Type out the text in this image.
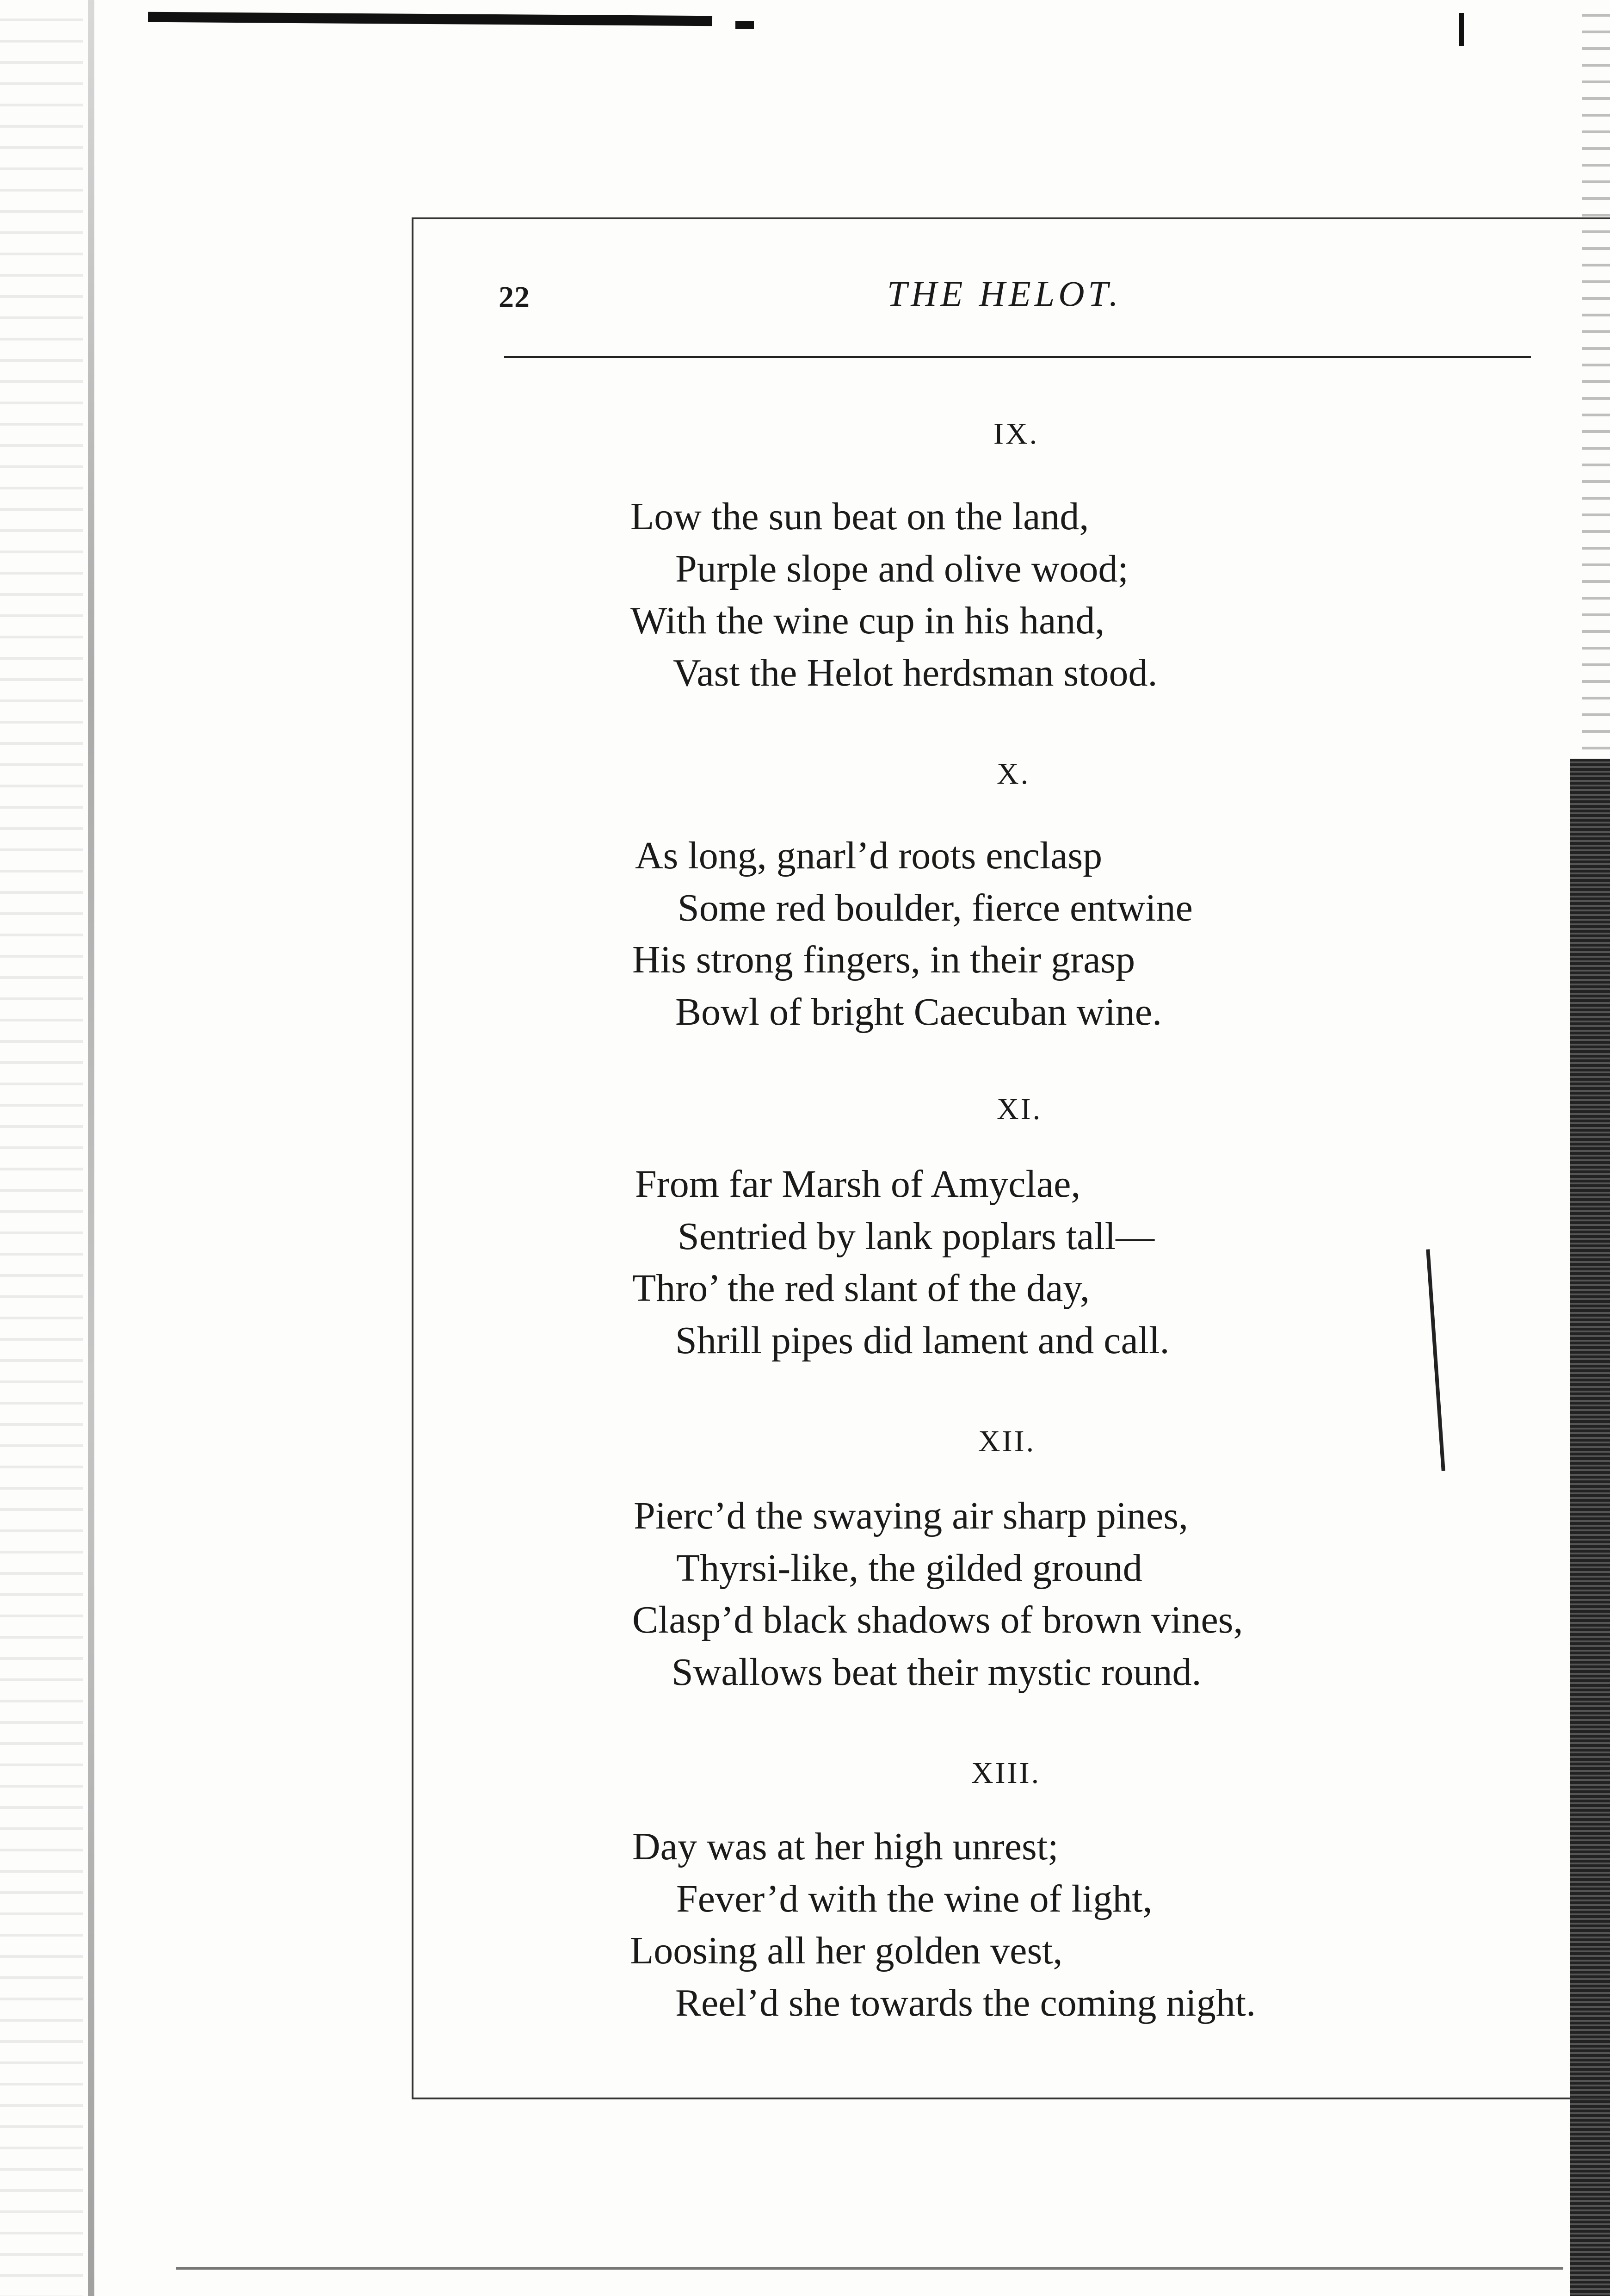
22	THE HELOT.
IX.
Low the sun beat on the land,
Purple slope and olive wood;
With the wine cup in his hand,
Vast the Helot herdsman stood.
X.
As long, gnarl’d roots enclasp
Some red boulder, fierce entwine
His strong fingers, in their grasp
Bowl of bright Caecuban wine.
XI.
From far Marsh of Amyclae,
Sentried by lank poplars tall—
Thro’ the red slant of the day,
Shrill pipes did lament and call.
XII.
Pierc’d the swaying air sharp pines,
Thyrsi-like, the gilded ground
Clasp’d black shadows of brown vines,
Swallows beat their mystic round.
XIII.
Day was at her high unrest;
Fever’d with the wine of light,
Loosing all her golden vest,
Reel’d she towards the coming night.
